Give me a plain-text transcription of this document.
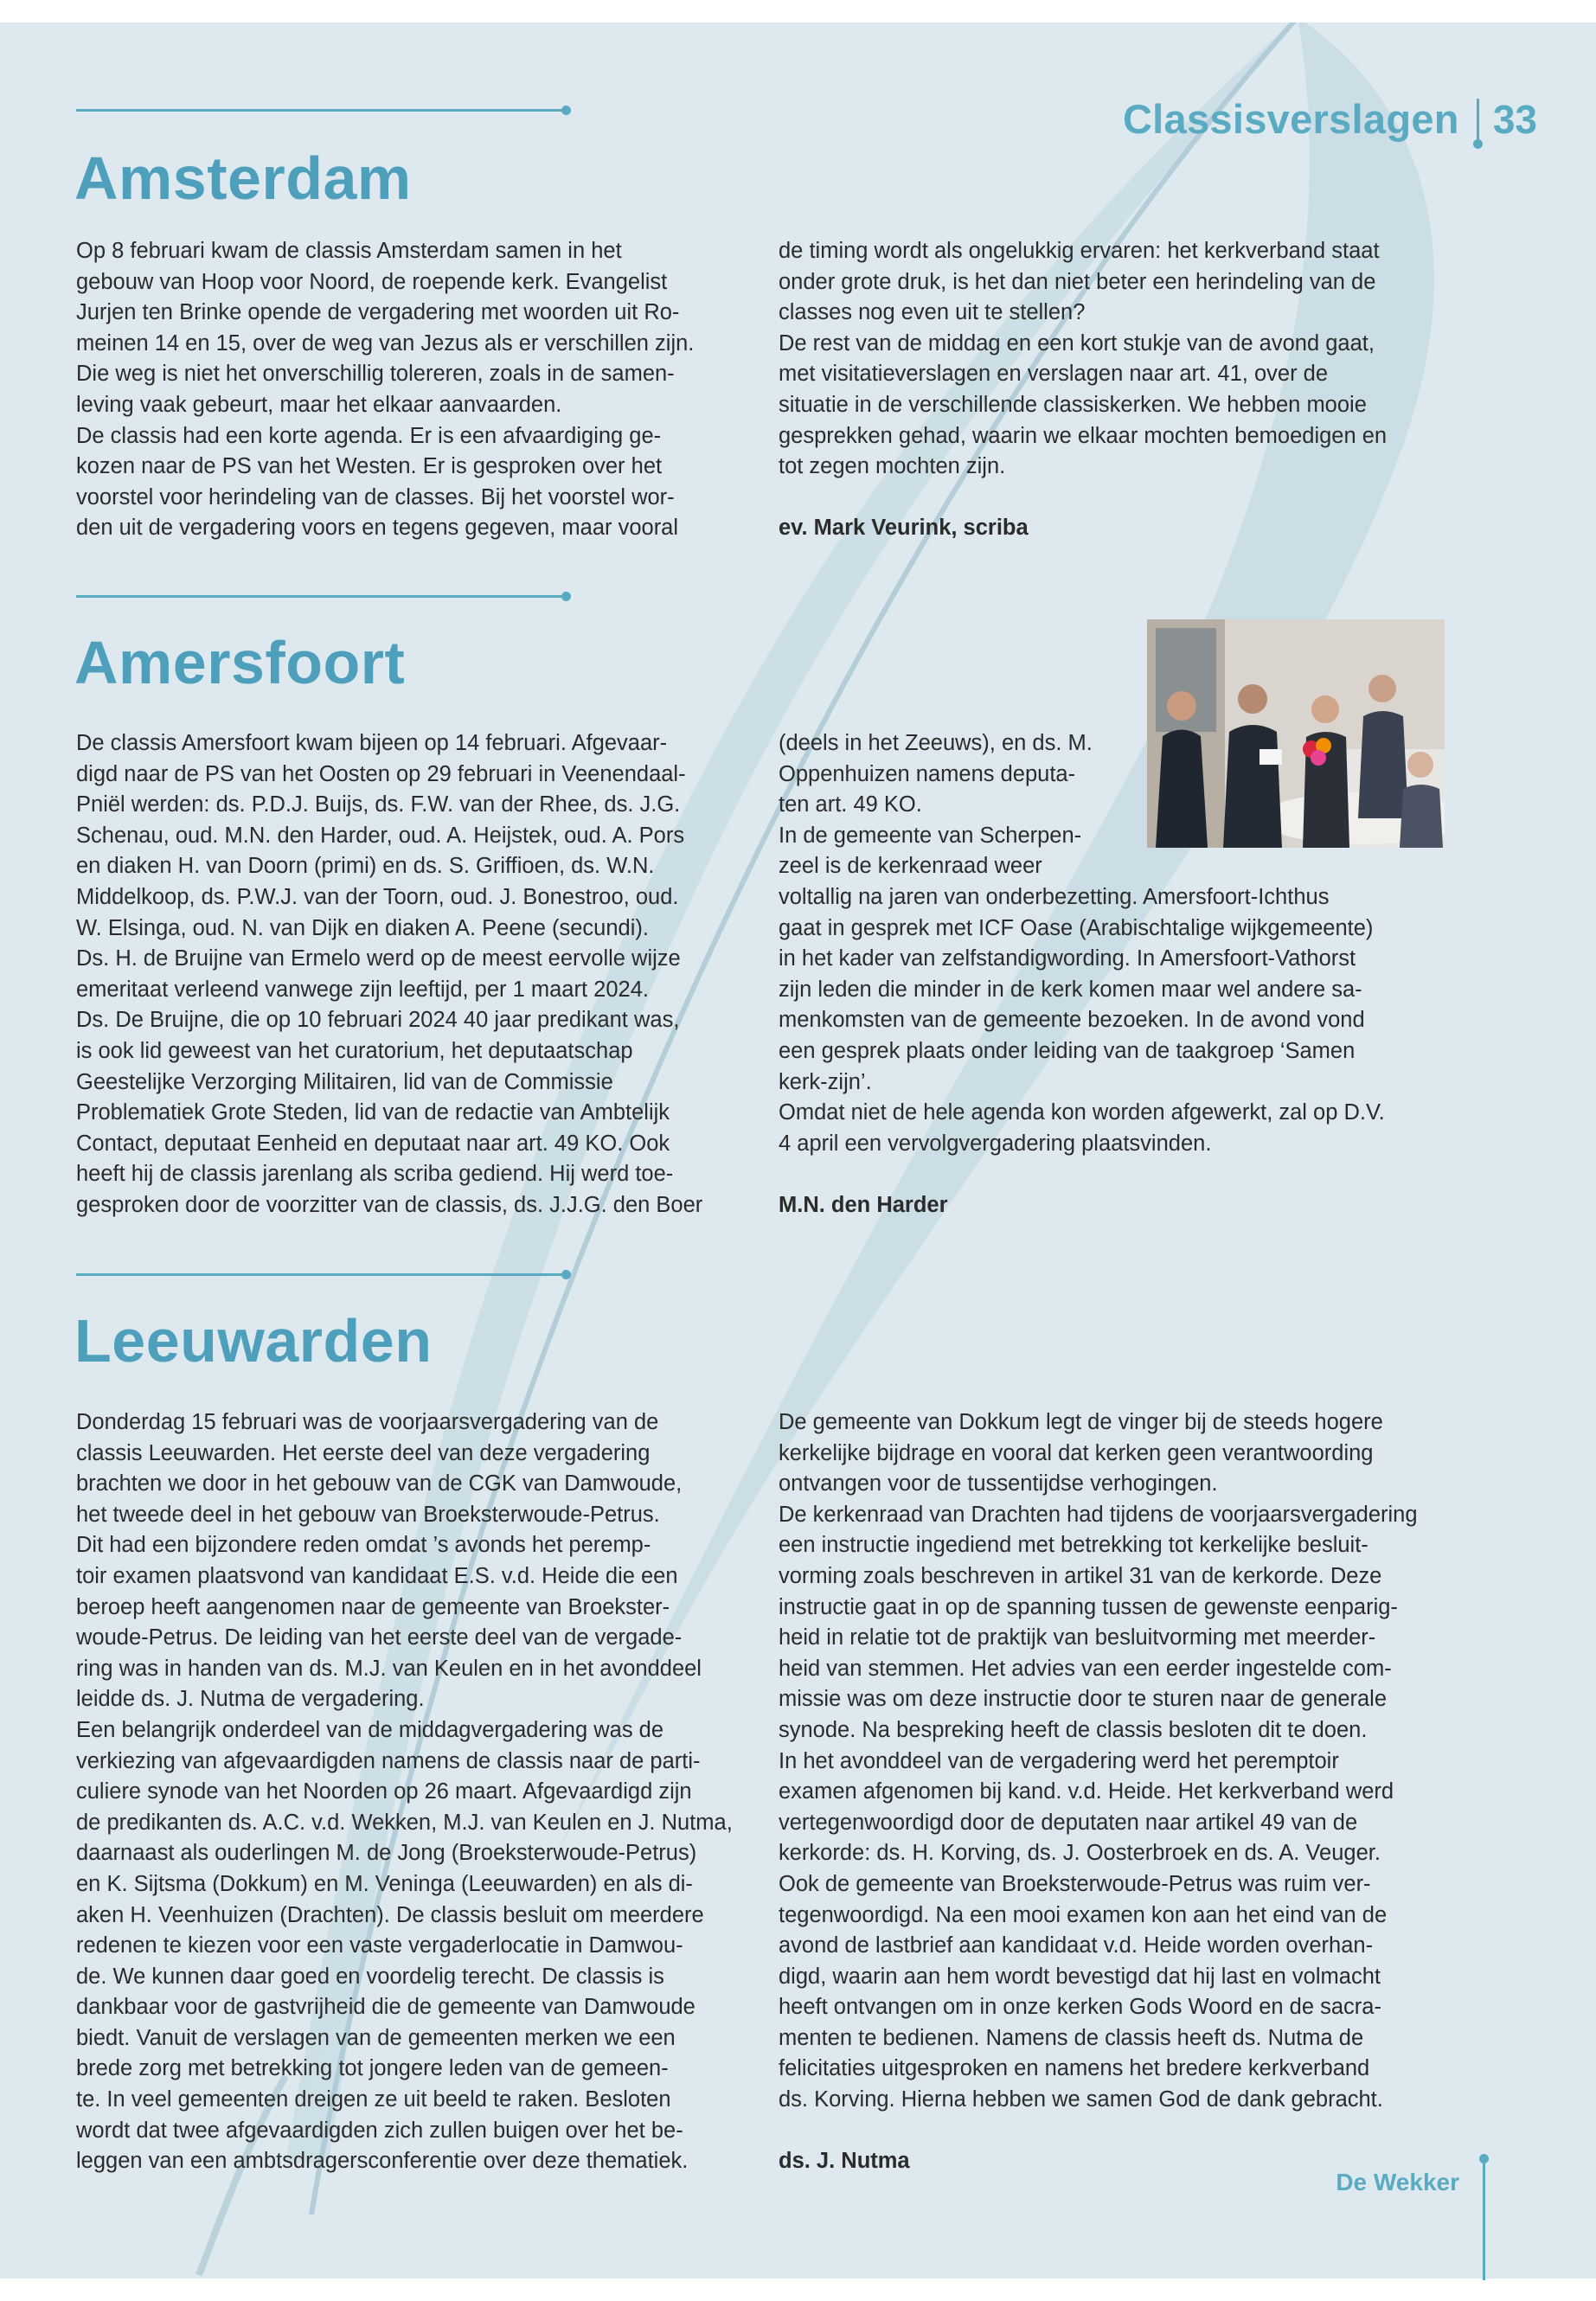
Classisverslagen 33
Amsterdam

Op 8 februari kwam de classis Amsterdam samen in het

gebouw van Hoop voor Noord, de roepende kerk. Evangelist

Jurjen ten Brinke opende de vergadering met woorden uit Ro-

meinen 14 en 15, over de weg van Jezus als er verschillen zijn.

Die weg is niet het onverschillig tolereren, zoals in de samen-

leving vaak gebeurt, maar het elkaar aanvaarden.

De classis had een korte agenda. Er is een afvaardiging ge-

kozen naar de PS van het Westen. Er is gesproken over het

voorstel voor herindeling van de classes. Bij het voorstel wor-

den uit de vergadering voors en tegens gegeven, maar vooral

de timing wordt als ongelukkig ervaren: het kerkverband staat

onder grote druk, is het dan niet beter een herindeling van de

classes nog even uit te stellen?

De rest van de middag en een kort stukje van de avond gaat,

met visitatieverslagen en verslagen naar art. 41, over de

situatie in de verschillende classiskerken. We hebben mooie

gesprekken gehad, waarin we elkaar mochten bemoedigen en

tot zegen mochten zijn.

ev. Mark Veurink, scriba

Amersfoort

De classis Amersfoort kwam bijeen op 14 februari. Afgevaar-

digd naar de PS van het Oosten op 29 februari in Veenendaal-

Pniël werden: ds. P.D.J. Buijs, ds. F.W. van der Rhee, ds. J.G.

Schenau, oud. M.N. den Harder, oud. A. Heijstek, oud. A. Pors

en diaken H. van Doorn (primi) en ds. S. Griffioen, ds. W.N.

Middelkoop, ds. P.W.J. van der Toorn, oud. J. Bonestroo, oud.

W. Elsinga, oud. N. van Dijk en diaken A. Peene (secundi).

Ds. H. de Bruijne van Ermelo werd op de meest eervolle wijze

emeritaat verleend vanwege zijn leeftijd, per 1 maart 2024.

Ds. De Bruijne, die op 10 februari 2024 40 jaar predikant was,

is ook lid geweest van het curatorium, het deputaatschap

Geestelijke Verzorging Militairen, lid van de Commissie

Problematiek Grote Steden, lid van de redactie van Ambtelijk

Contact, deputaat Eenheid en deputaat naar art. 49 KO. Ook

heeft hij de classis jarenlang als scriba gediend. Hij werd toe-

gesproken door de voorzitter van de classis, ds. J.J.G. den Boer

(deels in het Zeeuws), en ds. M.

Oppenhuizen namens deputa-

ten art. 49 KO.

In de gemeente van Scherpen-

zeel is de kerkenraad weer

voltallig na jaren van onderbezetting. Amersfoort-Ichthus

gaat in gesprek met ICF Oase (Arabischtalige wijkgemeente)

in het kader van zelfstandigwording. In Amersfoort-Vathorst

zijn leden die minder in de kerk komen maar wel andere sa-

menkomsten van de gemeente bezoeken. In de avond vond

een gesprek plaats onder leiding van de taakgroep ‘Samen

kerk-zijn’.

Omdat niet de hele agenda kon worden afgewerkt, zal op D.V.

4 april een vervolgvergadering plaatsvinden.

M.N. den Harder

Leeuwarden

Donderdag 15 februari was de voorjaarsvergadering van de

classis Leeuwarden. Het eerste deel van deze vergadering

brachten we door in het gebouw van de CGK van Damwoude,

het tweede deel in het gebouw van Broeksterwoude-Petrus.

Dit had een bijzondere reden omdat ’s avonds het peremp-

toir examen plaatsvond van kandidaat E.S. v.d. Heide die een

beroep heeft aangenomen naar de gemeente van Broekster-

woude-Petrus. De leiding van het eerste deel van de vergade-

ring was in handen van ds. M.J. van Keulen en in het avonddeel

leidde ds. J. Nutma de vergadering.

Een belangrijk onderdeel van de middagvergadering was de

verkiezing van afgevaardigden namens de classis naar de parti-

culiere synode van het Noorden op 26 maart. Afgevaardigd zijn

de predikanten ds. A.C. v.d. Wekken, M.J. van Keulen en J. Nutma,

daarnaast als ouderlingen M. de Jong (Broeksterwoude-Petrus)

en K. Sijtsma (Dokkum) en M. Veninga (Leeuwarden) en als di-

aken H. Veenhuizen (Drachten). De classis besluit om meerdere

redenen te kiezen voor een vaste vergaderlocatie in Damwou-

de. We kunnen daar goed en voordelig terecht. De classis is

dankbaar voor de gastvrijheid die de gemeente van Damwoude

biedt. Vanuit de verslagen van de gemeenten merken we een

brede zorg met betrekking tot jongere leden van de gemeen-

te. In veel gemeenten dreigen ze uit beeld te raken. Besloten

wordt dat twee afgevaardigden zich zullen buigen over het be-

leggen van een ambtsdragersconferentie over deze thematiek.

De gemeente van Dokkum legt de vinger bij de steeds hogere

kerkelijke bijdrage en vooral dat kerken geen verantwoording

ontvangen voor de tussentijdse verhogingen.

De kerkenraad van Drachten had tijdens de voorjaarsvergadering

een instructie ingediend met betrekking tot kerkelijke besluit-

vorming zoals beschreven in artikel 31 van de kerkorde. Deze

instructie gaat in op de spanning tussen de gewenste eenparig-

heid in relatie tot de praktijk van besluitvorming met meerder-

heid van stemmen. Het advies van een eerder ingestelde com-

missie was om deze instructie door te sturen naar de generale

synode. Na bespreking heeft de classis besloten dit te doen.

In het avonddeel van de vergadering werd het peremptoir

examen afgenomen bij kand. v.d. Heide. Het kerkverband werd

vertegenwoordigd door de deputaten naar artikel 49 van de

kerkorde: ds. H. Korving, ds. J. Oosterbroek en ds. A. Veuger.

Ook de gemeente van Broeksterwoude-Petrus was ruim ver-

tegenwoordigd. Na een mooi examen kon aan het eind van de

avond de lastbrief aan kandidaat v.d. Heide worden overhan-

digd, waarin aan hem wordt bevestigd dat hij last en volmacht

heeft ontvangen om in onze kerken Gods Woord en de sacra-

menten te bedienen. Namens de classis heeft ds. Nutma de

felicitaties uitgesproken en namens het bredere kerkverband

ds. Korving. Hierna hebben we samen God de dank gebracht.

ds. J. Nutma

De Wekker
